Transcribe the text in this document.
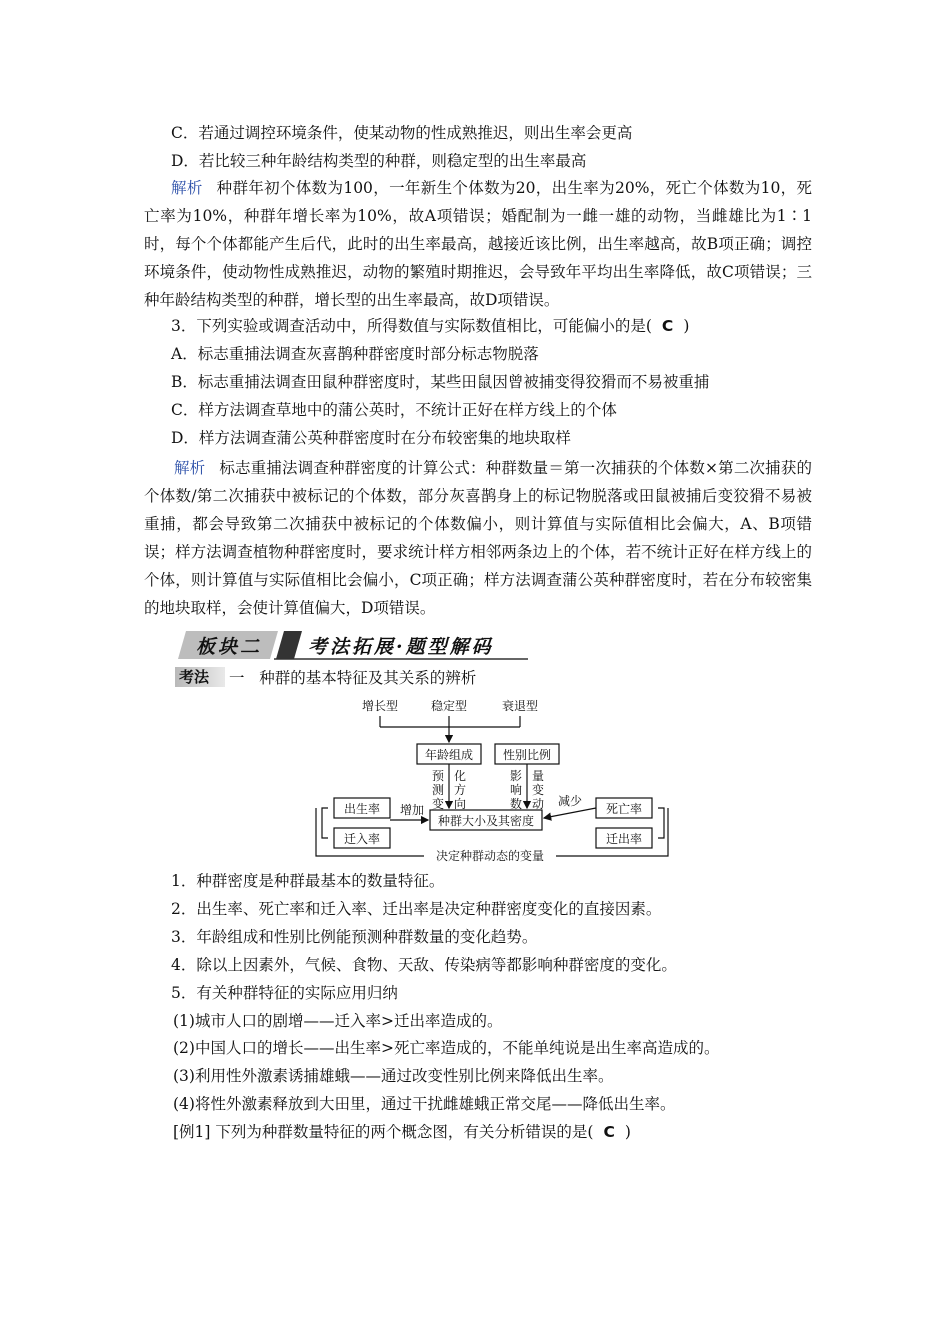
C．若通过调控环境条件，使某动物的性成熟推迟，则出生率会更高
D．若比较三种年龄结构类型的种群，则稳定型的出生率最高
解析 种群年初个体数为100，一年新生个体数为20，出生率为20%，死亡个体数为10，死亡率为10%，种群年增长率为10%，故A项错误；婚配制为一雌一雄的动物，当雌雄比为1∶1时，每个个体都能产生后代，此时的出生率最高，越接近该比例，出生率越高，故B项正确；调控环境条件，使动物性成熟推迟，动物的繁殖时期推迟，会导致年平均出生率降低，故C项错误；三种年龄结构类型的种群，增长型的出生率最高，故D项错误。
3．下列实验或调查活动中，所得数值与实际数值相比，可能偏小的是( C )
A．标志重捕法调查灰喜鹊种群密度时部分标志物脱落
B．标志重捕法调查田鼠种群密度时，某些田鼠因曾被捕变得狡猾而不易被重捕
C．样方法调查草地中的蒲公英时，不统计正好在样方线上的个体
D．样方法调查蒲公英种群密度时在分布较密集的地块取样
解析 标志重捕法调查种群密度的计算公式：种群数量＝第一次捕获的个体数×第二次捕获的个体数/第二次捕获中被标记的个体数，部分灰喜鹊身上的标记物脱落或田鼠被捕后变狡猾不易被重捕，都会导致第二次捕获中被标记的个体数偏小，则计算值与实际值相比会偏大，A、B项错误；样方法调查植物种群密度时，要求统计样方相邻两条边上的个体，若不统计正好在样方线上的个体，则计算值与实际值相比会偏小，C项正确；样方法调查蒲公英种群密度时，若在分布较密集的地块取样，会使计算值偏大，D项错误。
板块二 考法拓展·题型解码
考法	一 种群的基本特征及其关系的辨析
增长型	稳定型	衰退型
年龄组成 性别比例
种群大小及其密度
出生率
迁入率
死亡率
迁出率
增加
减少
决定种群动态的变量
预
测
变
化
方
向
影
响
数
量
变
动
1．种群密度是种群最基本的数量特征。
2．出生率、死亡率和迁入率、迁出率是决定种群密度变化的直接因素。
3．年龄组成和性别比例能预测种群数量的变化趋势。
4．除以上因素外，气候、食物、天敌、传染病等都影响种群密度的变化。
5．有关种群特征的实际应用归纳
(1)城市人口的剧增——迁入率>迁出率造成的。
(2)中国人口的增长——出生率>死亡率造成的，不能单纯说是出生率高造成的。
(3)利用性外激素诱捕雄蛾——通过改变性别比例来降低出生率。
(4)将性外激素释放到大田里，通过干扰雌雄蛾正常交尾——降低出生率。
[例1] 下列为种群数量特征的两个概念图，有关分析错误的是( C )
